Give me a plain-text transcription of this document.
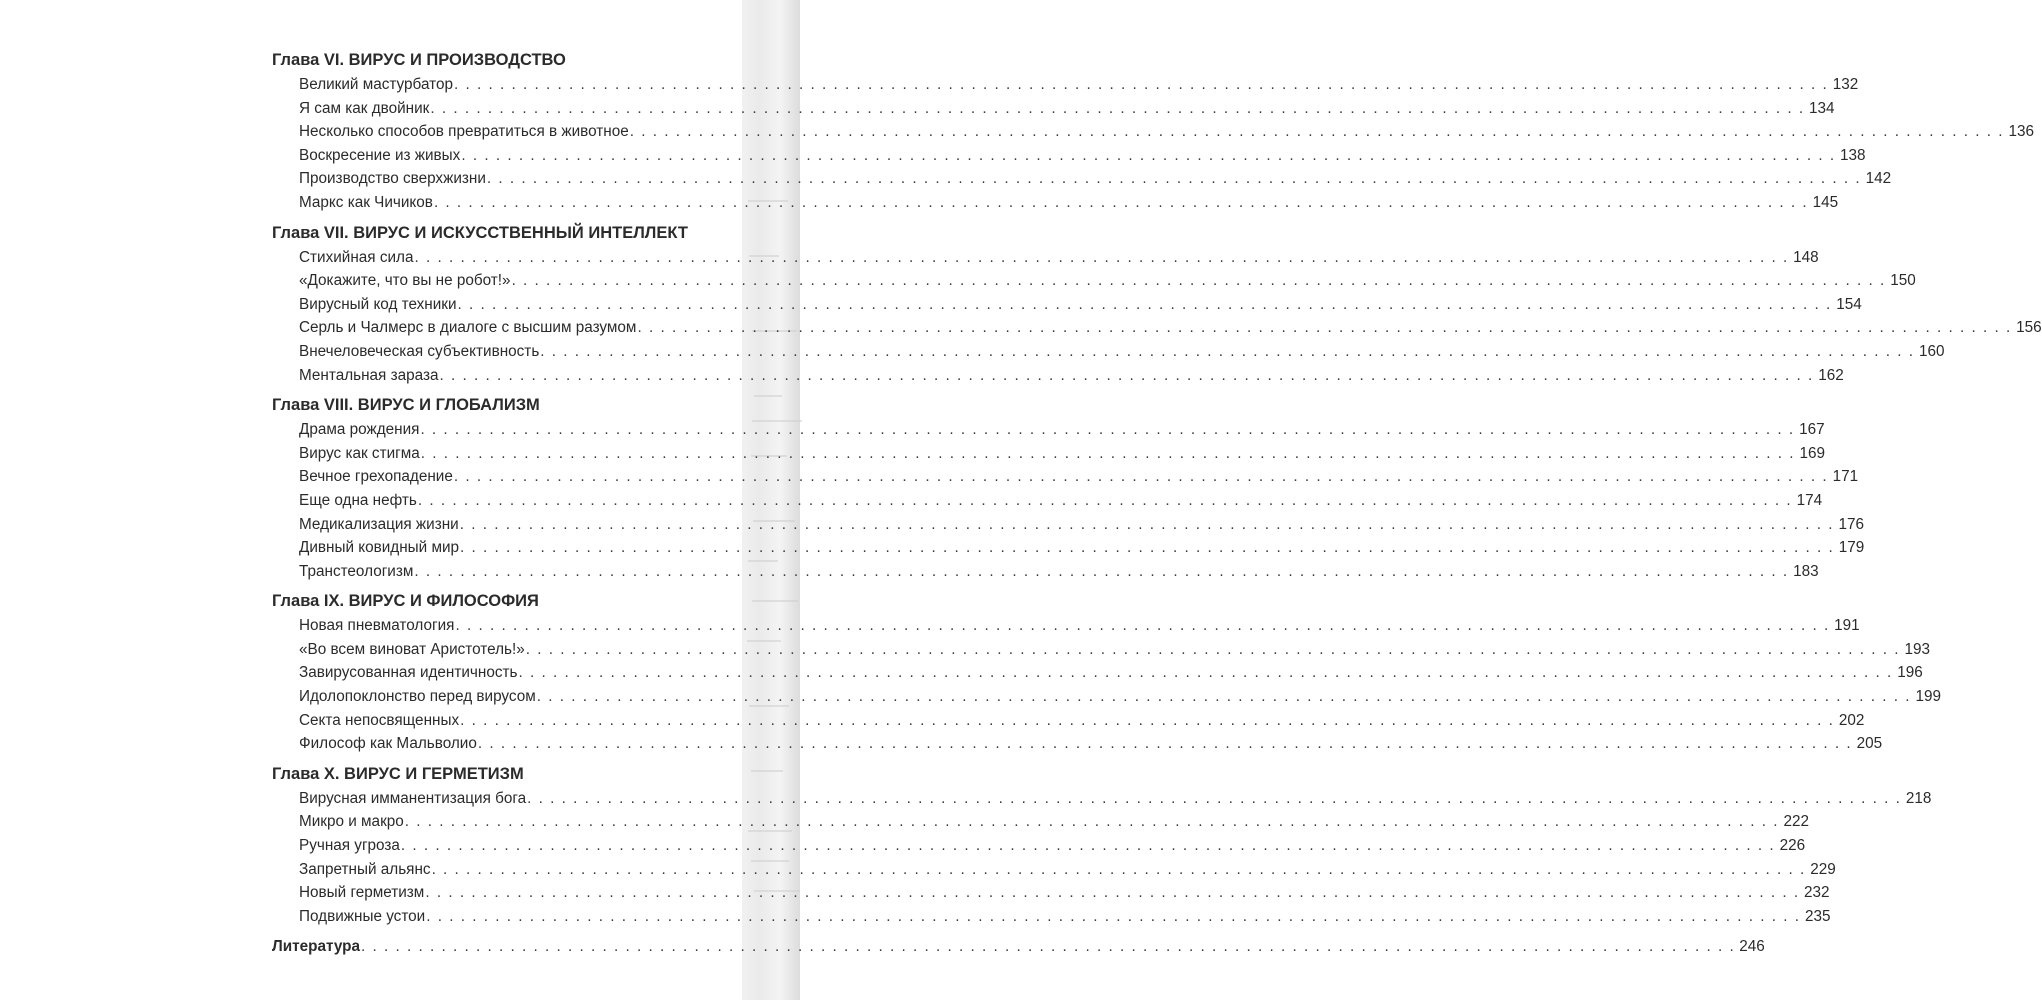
Глава VI. ВИРУС И ПРОИЗВОДСТВО
Великий мастурбатор . . . . . . . . . . . . . . . . . . . . . . . . . . . . . . . . . . . . . . . . . . . . . . . . . . . . . . . . . . . . . . . . . . . . . . . . . . . . . . . . . . . . . . . . . . . . . . . . . . . . . . . . . . . . . . . . . . . . . . . . 132
Я сам как двойник . . . . . . . . . . . . . . . . . . . . . . . . . . . . . . . . . . . . . . . . . . . . . . . . . . . . . . . . . . . . . . . . . . . . . . . . . . . . . . . . . . . . . . . . . . . . . . . . . . . . . . . . . . . . . . . . . . . . . . . . 134
Несколько способов превратиться в животное . . . . . . . . . . . . . . . . . . . . . . . . . . . . . . . . . . . . . . . . . . . . . . . . . . . . . . . . . . . . . . . . . . . . . . . . . . . . . . . . . . . . . . . . . . . . . . . . . . . . . . . . . . . . . . . . . . . . . . . . 136
Воскресение из живых . . . . . . . . . . . . . . . . . . . . . . . . . . . . . . . . . . . . . . . . . . . . . . . . . . . . . . . . . . . . . . . . . . . . . . . . . . . . . . . . . . . . . . . . . . . . . . . . . . . . . . . . . . . . . . . . . . . . . . . . 138
Производство сверхжизни . . . . . . . . . . . . . . . . . . . . . . . . . . . . . . . . . . . . . . . . . . . . . . . . . . . . . . . . . . . . . . . . . . . . . . . . . . . . . . . . . . . . . . . . . . . . . . . . . . . . . . . . . . . . . . . . . . . . . . . . 142
Маркс как Чичиков . . . . . . . . . . . . . . . . . . . . . . . . . . . . . . . . . . . . . . . . . . . . . . . . . . . . . . . . . . . . . . . . . . . . . . . . . . . . . . . . . . . . . . . . . . . . . . . . . . . . . . . . . . . . . . . . . . . . . . . . 145
Глава VII. ВИРУС И ИСКУССТВЕННЫЙ ИНТЕЛЛЕКТ
Стихийная сила . . . . . . . . . . . . . . . . . . . . . . . . . . . . . . . . . . . . . . . . . . . . . . . . . . . . . . . . . . . . . . . . . . . . . . . . . . . . . . . . . . . . . . . . . . . . . . . . . . . . . . . . . . . . . . . . . . . . . . . . 148
«Докажите, что вы не робот!» . . . . . . . . . . . . . . . . . . . . . . . . . . . . . . . . . . . . . . . . . . . . . . . . . . . . . . . . . . . . . . . . . . . . . . . . . . . . . . . . . . . . . . . . . . . . . . . . . . . . . . . . . . . . . . . . . . . . . . . . 150
Вирусный код техники . . . . . . . . . . . . . . . . . . . . . . . . . . . . . . . . . . . . . . . . . . . . . . . . . . . . . . . . . . . . . . . . . . . . . . . . . . . . . . . . . . . . . . . . . . . . . . . . . . . . . . . . . . . . . . . . . . . . . . . . 154
Серль и Чалмерс в диалоге с высшим разумом . . . . . . . . . . . . . . . . . . . . . . . . . . . . . . . . . . . . . . . . . . . . . . . . . . . . . . . . . . . . . . . . . . . . . . . . . . . . . . . . . . . . . . . . . . . . . . . . . . . . . . . . . . . . . . . . . . . . . . . . 156
Внечеловеческая субъективность . . . . . . . . . . . . . . . . . . . . . . . . . . . . . . . . . . . . . . . . . . . . . . . . . . . . . . . . . . . . . . . . . . . . . . . . . . . . . . . . . . . . . . . . . . . . . . . . . . . . . . . . . . . . . . . . . . . . . . . . 160
Ментальная зараза . . . . . . . . . . . . . . . . . . . . . . . . . . . . . . . . . . . . . . . . . . . . . . . . . . . . . . . . . . . . . . . . . . . . . . . . . . . . . . . . . . . . . . . . . . . . . . . . . . . . . . . . . . . . . . . . . . . . . . . . 162
Глава VIII. ВИРУС И ГЛОБАЛИЗМ
Драма рождения . . . . . . . . . . . . . . . . . . . . . . . . . . . . . . . . . . . . . . . . . . . . . . . . . . . . . . . . . . . . . . . . . . . . . . . . . . . . . . . . . . . . . . . . . . . . . . . . . . . . . . . . . . . . . . . . . . . . . . . . 167
Вирус как стигма . . . . . . . . . . . . . . . . . . . . . . . . . . . . . . . . . . . . . . . . . . . . . . . . . . . . . . . . . . . . . . . . . . . . . . . . . . . . . . . . . . . . . . . . . . . . . . . . . . . . . . . . . . . . . . . . . . . . . . . . 169
Вечное грехопадение . . . . . . . . . . . . . . . . . . . . . . . . . . . . . . . . . . . . . . . . . . . . . . . . . . . . . . . . . . . . . . . . . . . . . . . . . . . . . . . . . . . . . . . . . . . . . . . . . . . . . . . . . . . . . . . . . . . . . . . . 171
Еще одна нефть . . . . . . . . . . . . . . . . . . . . . . . . . . . . . . . . . . . . . . . . . . . . . . . . . . . . . . . . . . . . . . . . . . . . . . . . . . . . . . . . . . . . . . . . . . . . . . . . . . . . . . . . . . . . . . . . . . . . . . . . 174
Медикализация жизни . . . . . . . . . . . . . . . . . . . . . . . . . . . . . . . . . . . . . . . . . . . . . . . . . . . . . . . . . . . . . . . . . . . . . . . . . . . . . . . . . . . . . . . . . . . . . . . . . . . . . . . . . . . . . . . . . . . . . . . . 176
Дивный ковидный мир . . . . . . . . . . . . . . . . . . . . . . . . . . . . . . . . . . . . . . . . . . . . . . . . . . . . . . . . . . . . . . . . . . . . . . . . . . . . . . . . . . . . . . . . . . . . . . . . . . . . . . . . . . . . . . . . . . . . . . . . 179
Транстеологизм . . . . . . . . . . . . . . . . . . . . . . . . . . . . . . . . . . . . . . . . . . . . . . . . . . . . . . . . . . . . . . . . . . . . . . . . . . . . . . . . . . . . . . . . . . . . . . . . . . . . . . . . . . . . . . . . . . . . . . . . 183
Глава IX. ВИРУС И ФИЛОСОФИЯ
Новая пневматология . . . . . . . . . . . . . . . . . . . . . . . . . . . . . . . . . . . . . . . . . . . . . . . . . . . . . . . . . . . . . . . . . . . . . . . . . . . . . . . . . . . . . . . . . . . . . . . . . . . . . . . . . . . . . . . . . . . . . . . . 191
«Во всем виноват Аристотель!» . . . . . . . . . . . . . . . . . . . . . . . . . . . . . . . . . . . . . . . . . . . . . . . . . . . . . . . . . . . . . . . . . . . . . . . . . . . . . . . . . . . . . . . . . . . . . . . . . . . . . . . . . . . . . . . . . . . . . . . . 193
Завирусованная идентичность . . . . . . . . . . . . . . . . . . . . . . . . . . . . . . . . . . . . . . . . . . . . . . . . . . . . . . . . . . . . . . . . . . . . . . . . . . . . . . . . . . . . . . . . . . . . . . . . . . . . . . . . . . . . . . . . . . . . . . . . 196
Идолопоклонство перед вирусом . . . . . . . . . . . . . . . . . . . . . . . . . . . . . . . . . . . . . . . . . . . . . . . . . . . . . . . . . . . . . . . . . . . . . . . . . . . . . . . . . . . . . . . . . . . . . . . . . . . . . . . . . . . . . . . . . . . . . . . . 199
Секта непосвященных . . . . . . . . . . . . . . . . . . . . . . . . . . . . . . . . . . . . . . . . . . . . . . . . . . . . . . . . . . . . . . . . . . . . . . . . . . . . . . . . . . . . . . . . . . . . . . . . . . . . . . . . . . . . . . . . . . . . . . . . 202
Философ как Мальволио . . . . . . . . . . . . . . . . . . . . . . . . . . . . . . . . . . . . . . . . . . . . . . . . . . . . . . . . . . . . . . . . . . . . . . . . . . . . . . . . . . . . . . . . . . . . . . . . . . . . . . . . . . . . . . . . . . . . . . . . 205
Глава X. ВИРУС И ГЕРМЕТИЗМ
Вирусная имманентизация бога . . . . . . . . . . . . . . . . . . . . . . . . . . . . . . . . . . . . . . . . . . . . . . . . . . . . . . . . . . . . . . . . . . . . . . . . . . . . . . . . . . . . . . . . . . . . . . . . . . . . . . . . . . . . . . . . . . . . . . . . 218
Микро и макро . . . . . . . . . . . . . . . . . . . . . . . . . . . . . . . . . . . . . . . . . . . . . . . . . . . . . . . . . . . . . . . . . . . . . . . . . . . . . . . . . . . . . . . . . . . . . . . . . . . . . . . . . . . . . . . . . . . . . . . . 222
Ручная угроза . . . . . . . . . . . . . . . . . . . . . . . . . . . . . . . . . . . . . . . . . . . . . . . . . . . . . . . . . . . . . . . . . . . . . . . . . . . . . . . . . . . . . . . . . . . . . . . . . . . . . . . . . . . . . . . . . . . . . . . . 226
Запретный альянс . . . . . . . . . . . . . . . . . . . . . . . . . . . . . . . . . . . . . . . . . . . . . . . . . . . . . . . . . . . . . . . . . . . . . . . . . . . . . . . . . . . . . . . . . . . . . . . . . . . . . . . . . . . . . . . . . . . . . . . . 229
Новый герметизм . . . . . . . . . . . . . . . . . . . . . . . . . . . . . . . . . . . . . . . . . . . . . . . . . . . . . . . . . . . . . . . . . . . . . . . . . . . . . . . . . . . . . . . . . . . . . . . . . . . . . . . . . . . . . . . . . . . . . . . . 232
Подвижные устои . . . . . . . . . . . . . . . . . . . . . . . . . . . . . . . . . . . . . . . . . . . . . . . . . . . . . . . . . . . . . . . . . . . . . . . . . . . . . . . . . . . . . . . . . . . . . . . . . . . . . . . . . . . . . . . . . . . . . . . . 235
Литература . . . . . . . . . . . . . . . . . . . . . . . . . . . . . . . . . . . . . . . . . . . . . . . . . . . . . . . . . . . . . . . . . . . . . . . . . . . . . . . . . . . . . . . . . . . . . . . . . . . . . . . . . . . . . . . . . . . . . . . . 246
